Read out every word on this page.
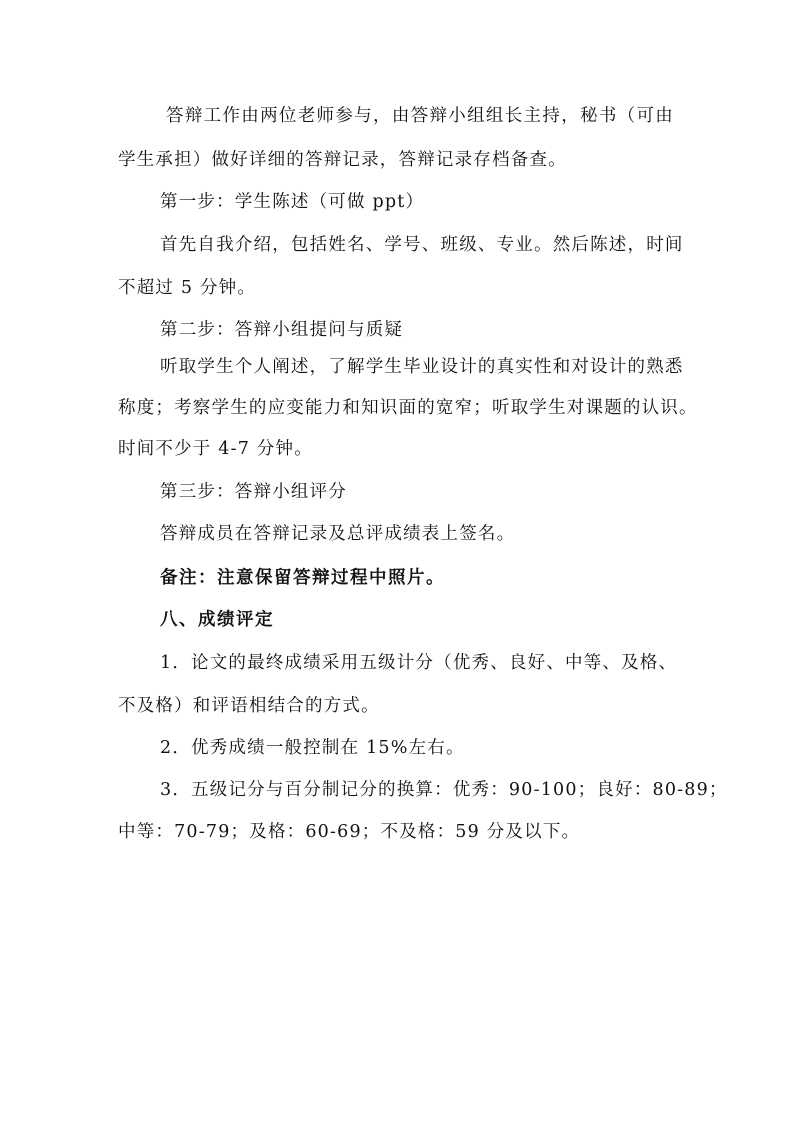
答辩工作由两位老师参与，由答辩小组组长主持，秘书（可由
学生承担）做好详细的答辩记录，答辩记录存档备查。
第一步：学生陈述（可做 ppt）
首先自我介绍，包括姓名、学号、班级、专业。然后陈述，时间
不超过 5 分钟。
第二步：答辩小组提问与质疑
听取学生个人阐述，了解学生毕业设计的真实性和对设计的熟悉
称度；考察学生的应变能力和知识面的宽窄；听取学生对课题的认识。
时间不少于 4-7 分钟。
第三步：答辩小组评分
答辩成员在答辩记录及总评成绩表上签名。
备注：注意保留答辩过程中照片。
八、成绩评定
1．论文的最终成绩采用五级计分（优秀、良好、中等、及格、
不及格）和评语相结合的方式。
2．优秀成绩一般控制在 15%左右。
3．五级记分与百分制记分的换算：优秀：90-100；良好：80-89；
中等：70-79；及格：60-69；不及格：59 分及以下。
